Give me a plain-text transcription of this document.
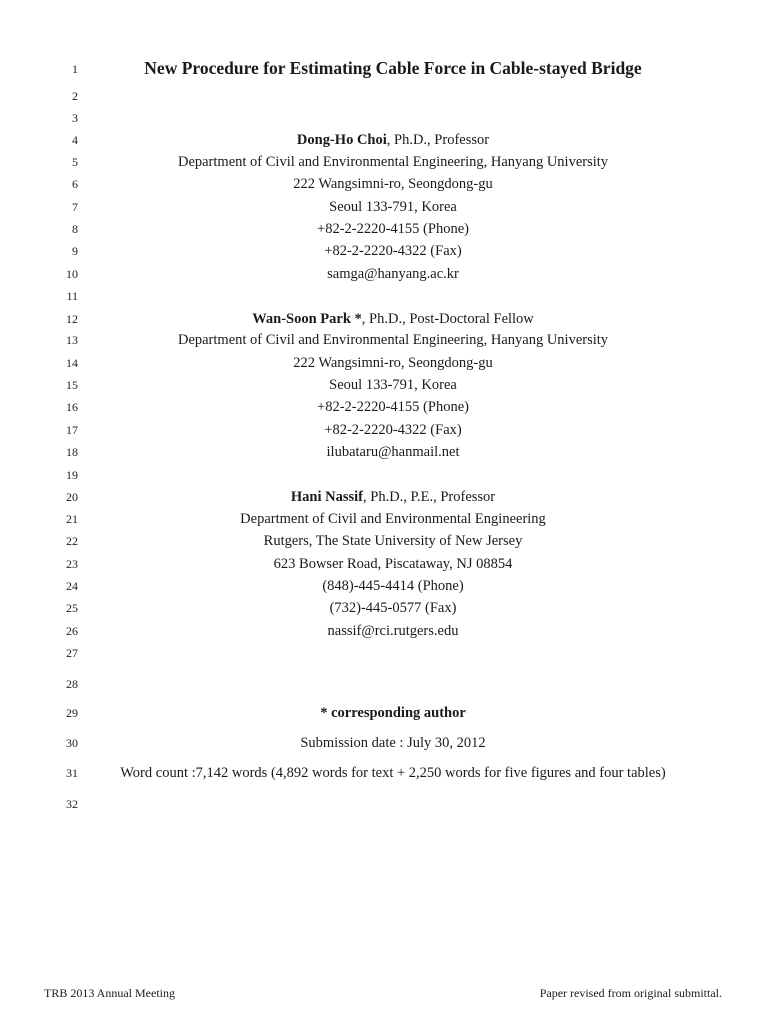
1
2
3
4
5
6
7
8
9
10
11
12
13
14
15
16
17
18
19
20
21
22
23
24
25
26
27
28
29
30
31
32
New Procedure for Estimating Cable Force in Cable-stayed Bridge
Dong-Ho Choi, Ph.D., Professor
Department of Civil and Environmental Engineering, Hanyang University
222 Wangsimni-ro, Seongdong-gu
Seoul 133-791, Korea
+82-2-2220-4155 (Phone)
+82-2-2220-4322 (Fax)
samga@hanyang.ac.kr
Wan-Soon Park *, Ph.D., Post-Doctoral Fellow
Department of Civil and Environmental Engineering, Hanyang University
222 Wangsimni-ro, Seongdong-gu
Seoul 133-791, Korea
+82-2-2220-4155 (Phone)
+82-2-2220-4322 (Fax)
ilubataru@hanmail.net
Hani Nassif, Ph.D., P.E., Professor
Department of Civil and Environmental Engineering
Rutgers, The State University of New Jersey
623 Bowser Road, Piscataway, NJ 08854
(848)-445-4414 (Phone)
(732)-445-0577 (Fax)
nassif@rci.rutgers.edu
* corresponding author
Submission date : July 30, 2012
Word count :7,142 words (4,892 words for text + 2,250 words for five figures and four tables)
TRB 2013 Annual Meeting	Paper revised from original submittal.
